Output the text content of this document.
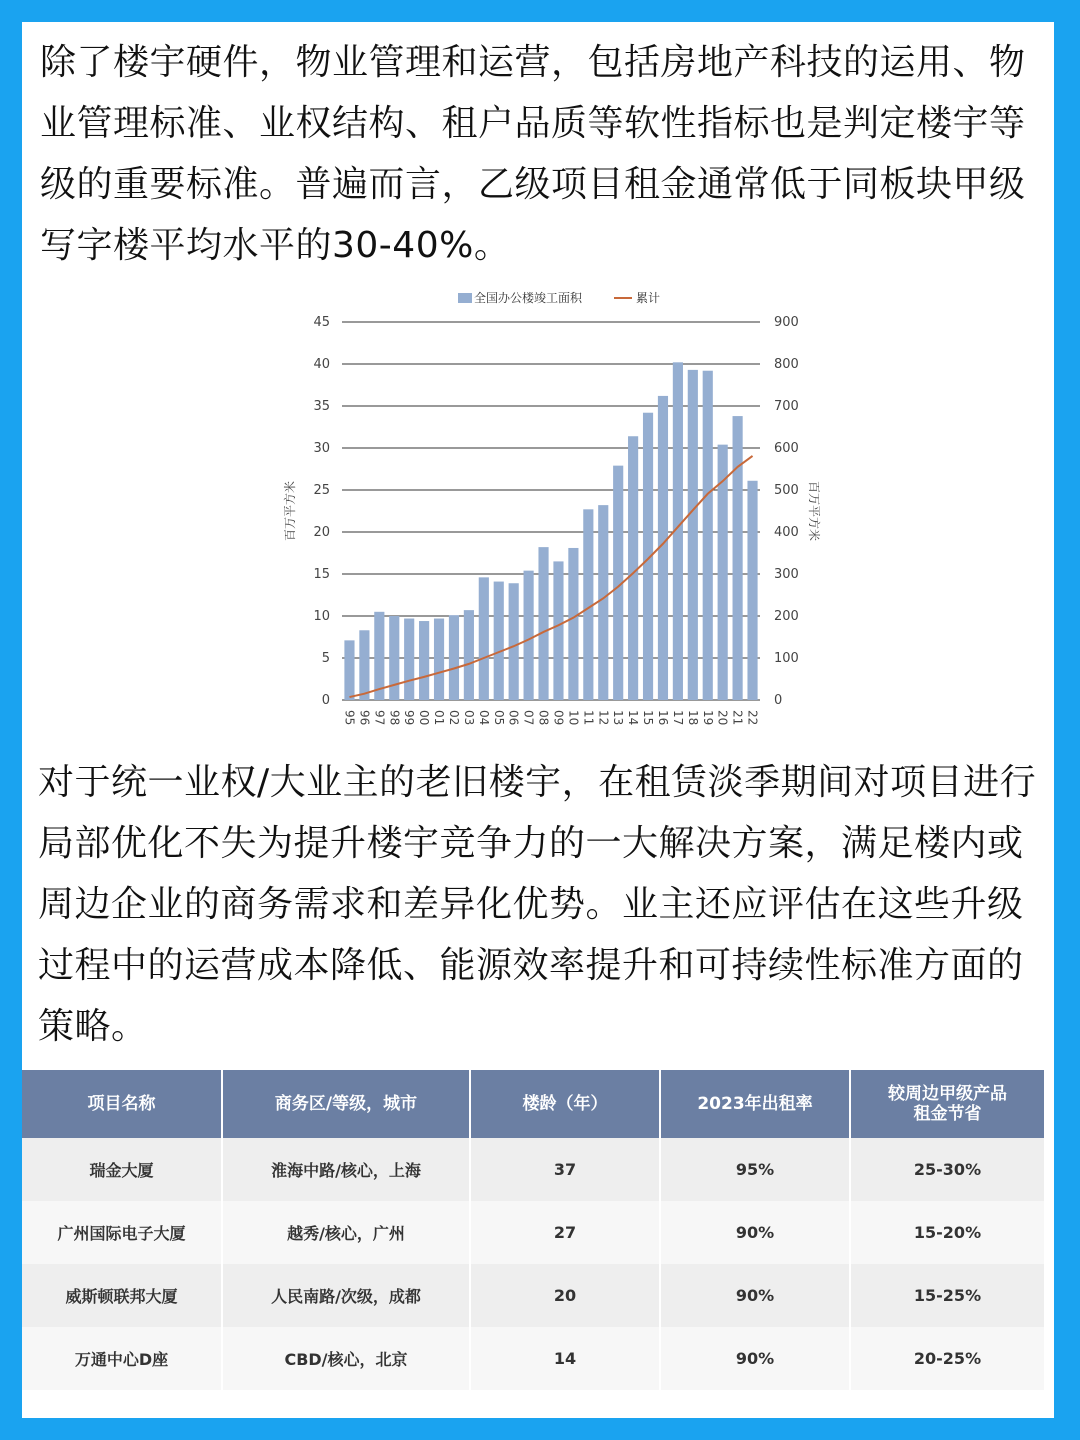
除了楼宇硬件，物业管理和运营，包括房地产科技的运用、物业管理标准、业权结构、租户品质等软性指标也是判定楼宇等级的重要标准。普遍而言，乙级项目租金通常低于同板块甲级写字楼平均水平的30-40%。

0	0
5	100
10	200
15	300
20	400
25	500
30	600
35	700
40	800
45	900
百万平方米	百万平方米
95 96 97 98 99 00 01 02 03 04 05 06 07 08 09 10 11 12 13 14 15 16 17 18 19 20 21 22
全国办公楼竣工面积	累计

对于统一业权/大业主的老旧楼宇，在租赁淡季期间对项目进行局部优化不失为提升楼宇竞争力的一大解决方案，满足楼内或周边企业的商务需求和差异化优势。业主还应评估在这些升级过程中的运营成本降低、能源效率提升和可持续性标准方面的策略。

项目名称	商务区/等级，城市	楼龄（年）	2023年出租率	较周边甲级产品
租金节省
瑞金大厦	淮海中路/核心，上海	37	95%	25-30%
广州国际电子大厦	越秀/核心，广州	27	90%	15-20%
威斯顿联邦大厦	人民南路/次级，成都	20	90%	15-25%
万通中心D座	CBD/核心，北京	14	90%	20-25%
